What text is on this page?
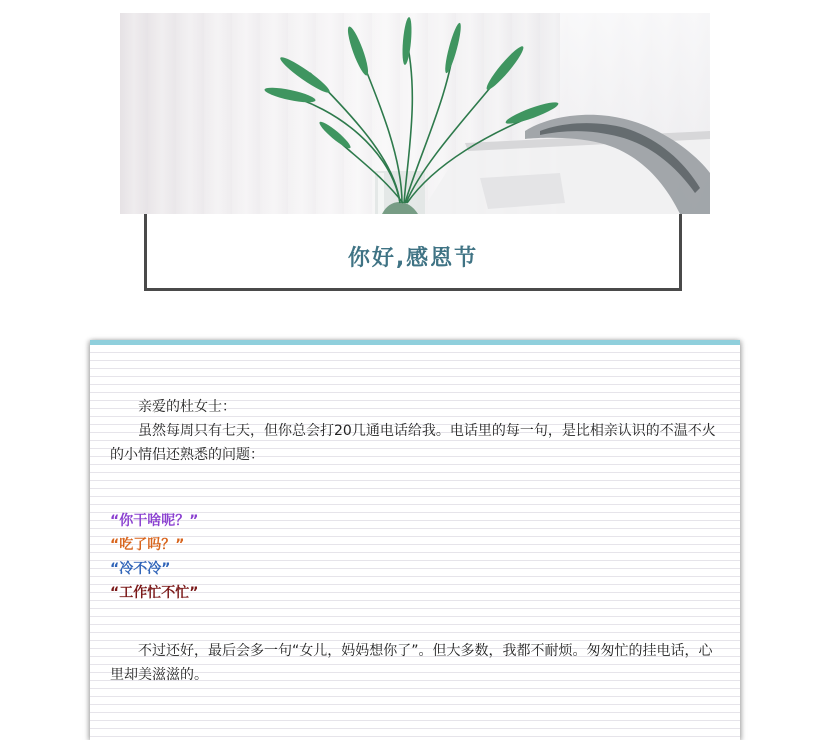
你好,感恩节

亲爱的杜女士：

虽然每周只有七天，但你总会打20几通电话给我。电话里的每一句，是比相亲认识的不温不火的小情侣还熟悉的问题：

“你干啥呢？”

“吃了吗？”

“冷不冷”

“工作忙不忙”

不过还好，最后会多一句“女儿，妈妈想你了”。但大多数，我都不耐烦。匆匆忙的挂电话，心里却美滋滋的。
